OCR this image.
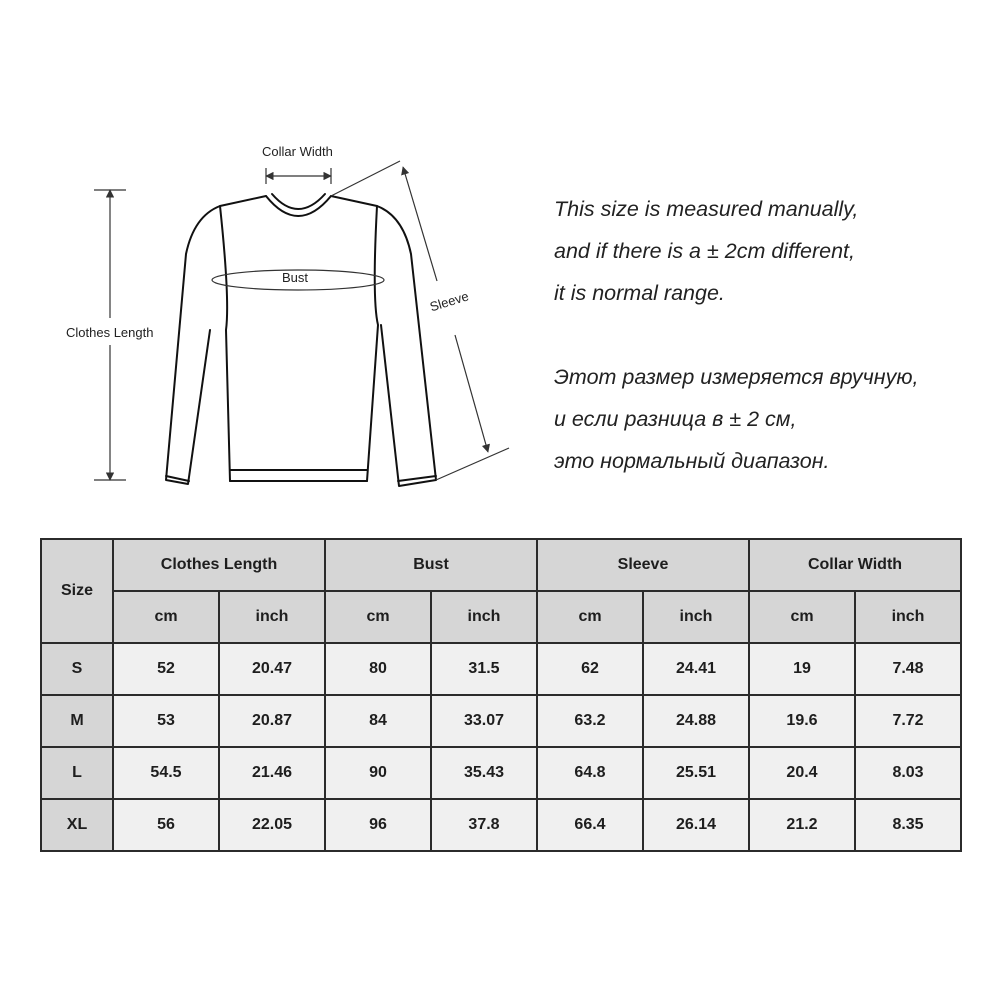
Collar Width
Bust
Clothes Length
Sleeve
This size is measured manually,
and if there is a ± 2cm different,
it is normal range.
Этот размер измеряется вручную,
и если разница в ± 2 см,
это нормальный диапазон.
Size	Clothes Length		Bust		Sleeve		Collar Width	
	cm	inch	cm	inch	cm	inch	cm	inch
S	52	20.47	80	31.5	62	24.41	19	7.48
M	53	20.87	84	33.07	63.2	24.88	19.6	7.72
L	54.5	21.46	90	35.43	64.8	25.51	20.4	8.03
XL	56	22.05	96	37.8	66.4	26.14	21.2	8.35
